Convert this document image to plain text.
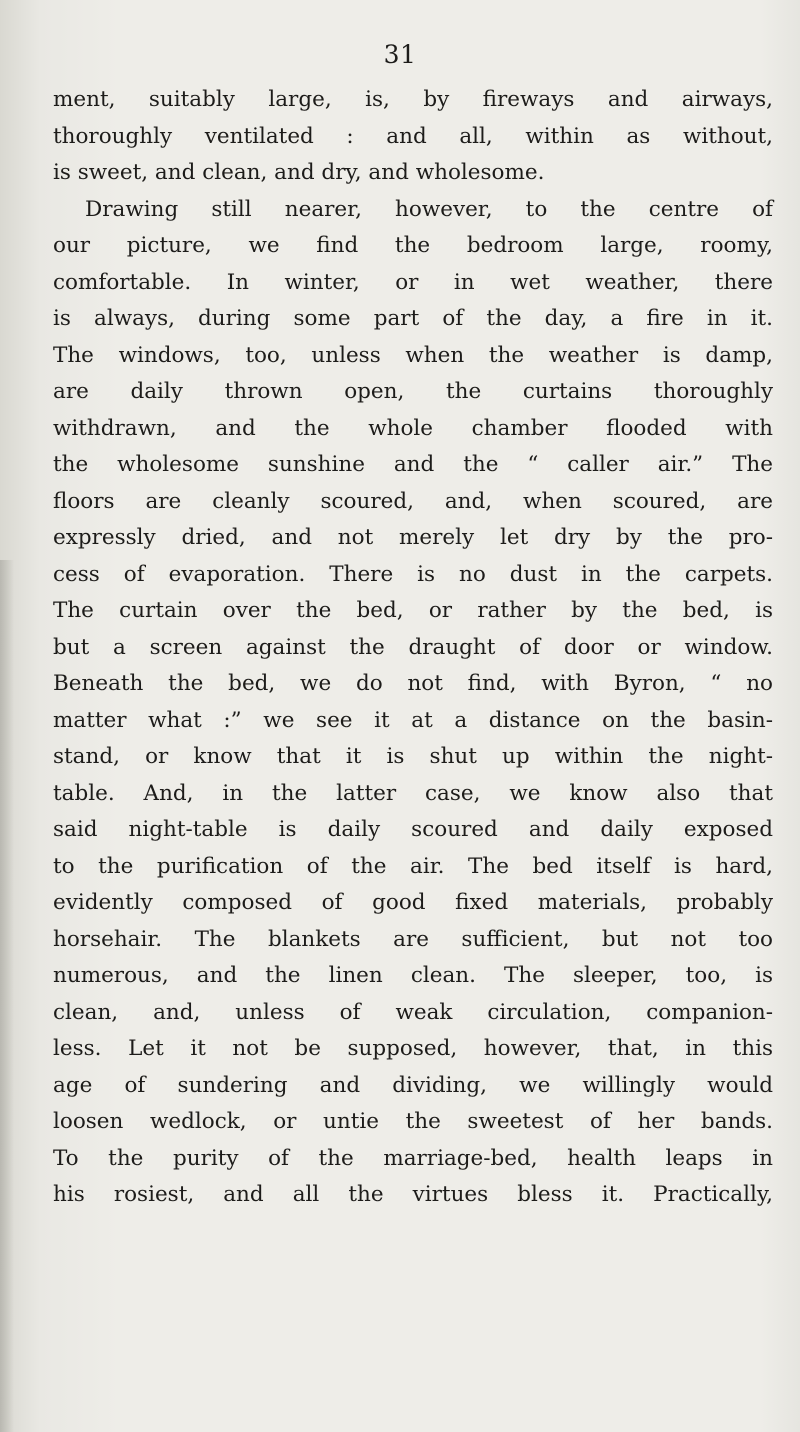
31
ment, suitably large, is, by fireways and airways,
thoroughly ventilated : and all, within as without,
is sweet, and clean, and dry, and wholesome.
Drawing still nearer, however, to the centre of
our picture, we find the bedroom large, roomy,
comfortable. In winter, or in wet weather, there
is always, during some part of the day, a fire in it.
The windows, too, unless when the weather is damp,
are daily thrown open, the curtains thoroughly
withdrawn, and the whole chamber flooded with
the wholesome sunshine and the “ caller air.” The
floors are cleanly scoured, and, when scoured, are
expressly dried, and not merely let dry by the pro-
cess of evaporation. There is no dust in the carpets.
The curtain over the bed, or rather by the bed, is
but a screen against the draught of door or window.
Beneath the bed, we do not find, with Byron, “ no
matter what :” we see it at a distance on the basin-
stand, or know that it is shut up within the night-
table. And, in the latter case, we know also that
said night-table is daily scoured and daily exposed
to the purification of the air. The bed itself is hard,
evidently composed of good fixed materials, probably
horsehair. The blankets are sufficient, but not too
numerous, and the linen clean. The sleeper, too, is
clean, and, unless of weak circulation, companion-
less. Let it not be supposed, however, that, in this
age of sundering and dividing, we willingly would
loosen wedlock, or untie the sweetest of her bands.
To the purity of the marriage-bed, health leaps in
his rosiest, and all the virtues bless it. Practically,
